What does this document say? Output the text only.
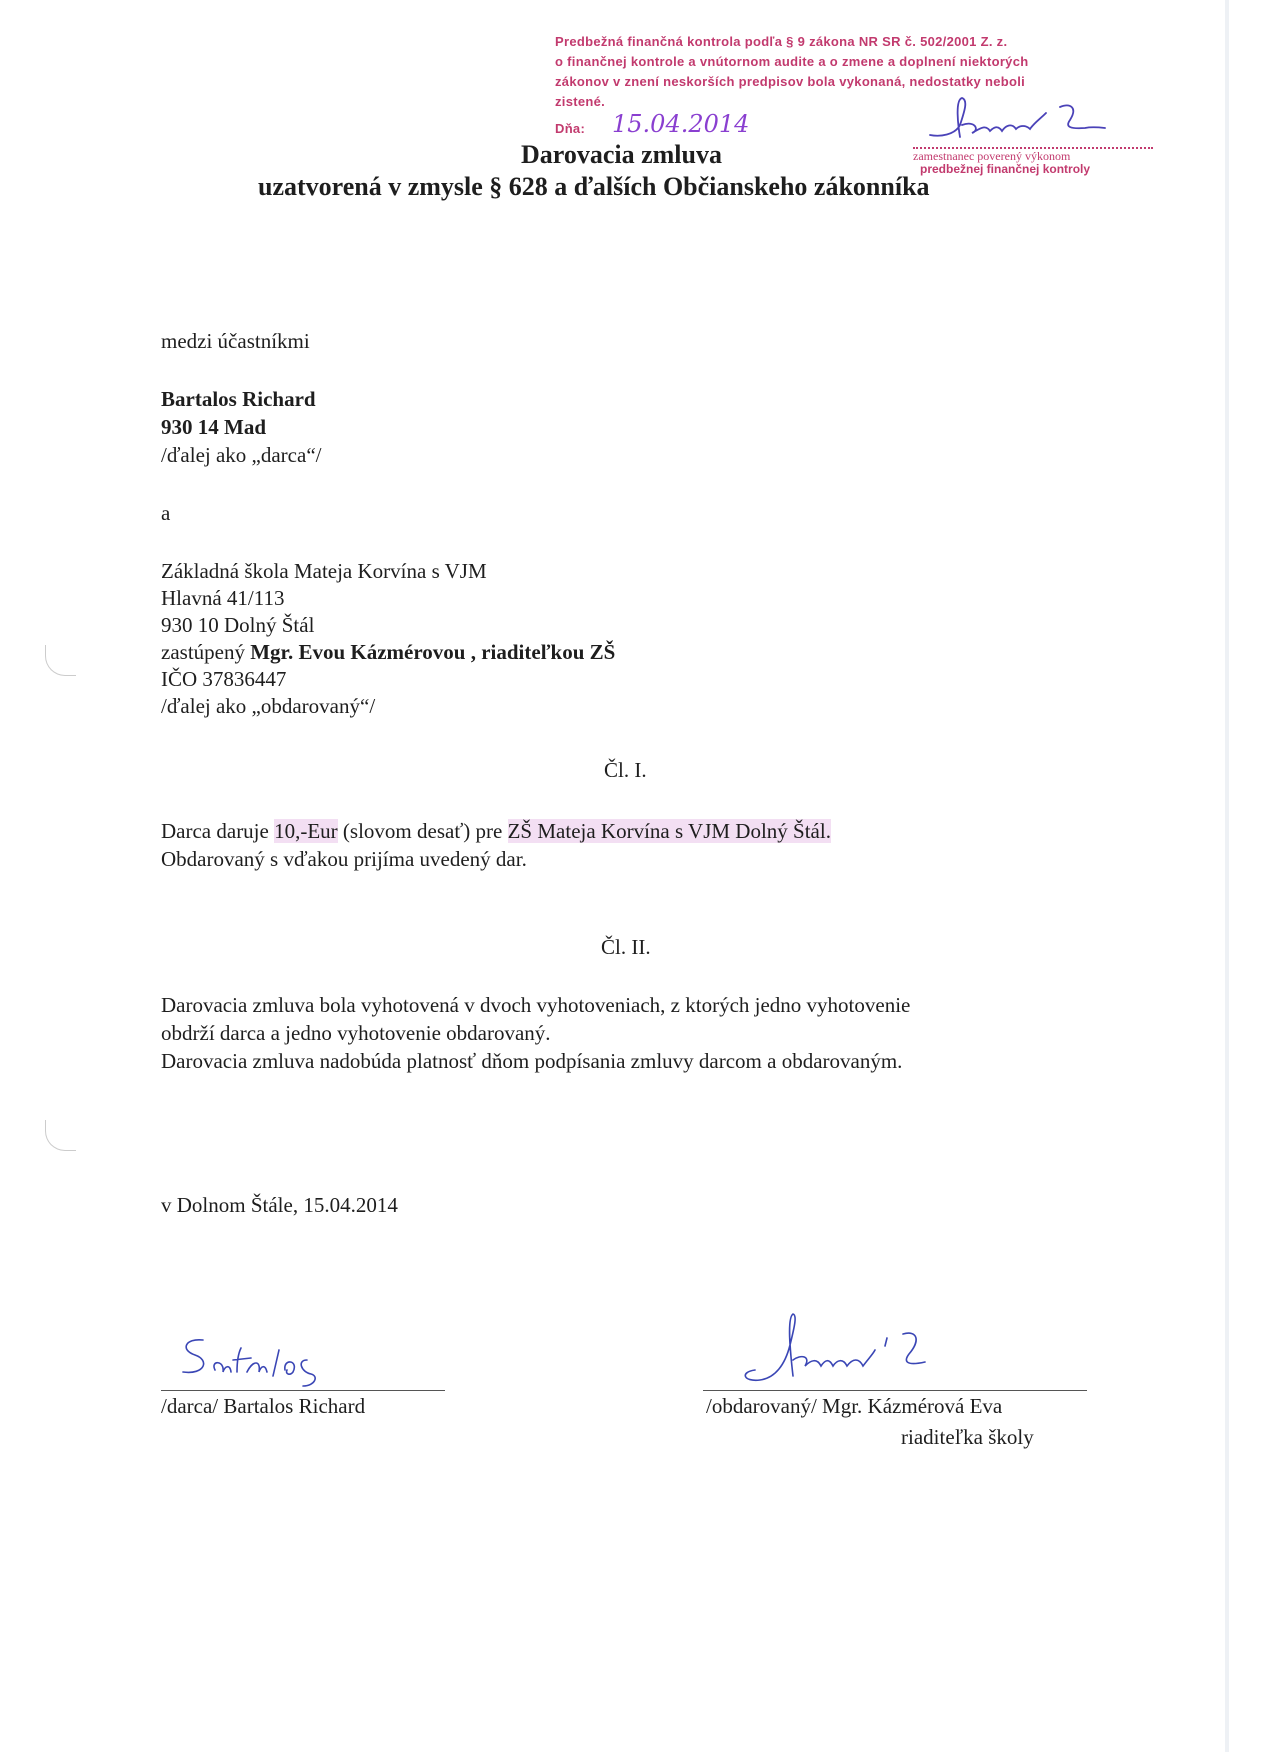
Predbežná finančná kontrola podľa § 9 zákona NR SR č. 502/2001 Z. z.
o finančnej kontrole a vnútornom audite a o zmene a doplnení niektorých
zákonov v znení neskorších predpisov bola vykonaná, nedostatky neboli
zistené.
Dňa: 15.04.2014
zamestnanec poverený výkonom
predbežnej finančnej kontroly
Darovacia zmluva
uzatvorená v zmysle § 628 a ďalších Občianskeho zákonníka
medzi účastníkmi
Bartalos Richard
930 14 Mad
/ďalej ako „darca“/
a
Základná škola Mateja Korvína s VJM
Hlavná 41/113
930 10 Dolný Štál
zastúpený Mgr. Evou Kázmérovou , riaditeľkou ZŠ
IČO 37836447
/ďalej ako „obdarovaný“/
Čl. I.
Darca daruje 10,-Eur (slovom desať) pre ZŠ Mateja Korvína s VJM Dolný Štál.
Obdarovaný s vďakou prijíma uvedený dar.
Čl. II.
Darovacia zmluva bola vyhotovená v dvoch vyhotoveniach, z ktorých jedno vyhotovenie
obdrží darca a jedno vyhotovenie obdarovaný.
Darovacia zmluva nadobúda platnosť dňom podpísania zmluvy darcom a obdarovaným.
v Dolnom Štále, 15.04.2014
/darca/ Bartalos Richard	/obdarovaný/ Mgr. Kázmérová Eva
riaditeľka školy
